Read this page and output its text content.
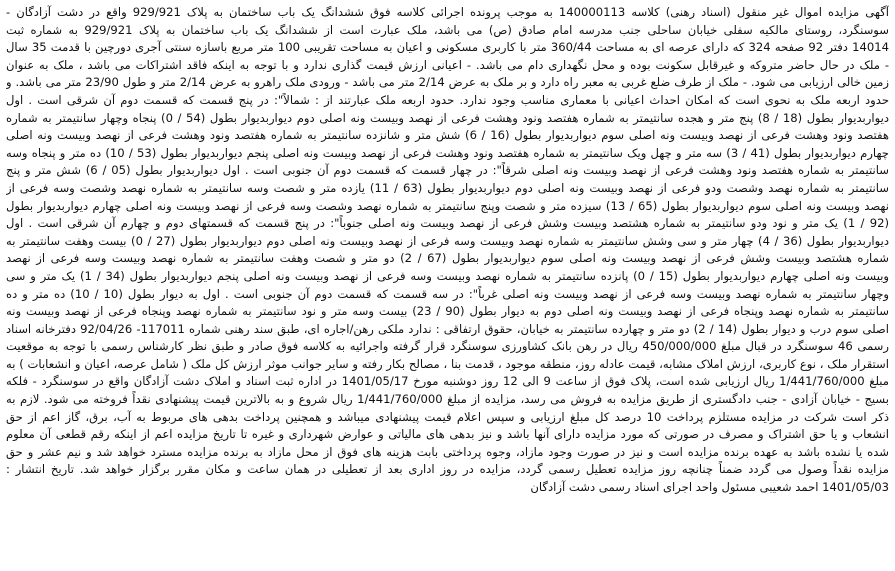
آگهی مزایده اموال غیر منقول (اسناد رهنی) کلاسه 140000113 به موجب پرونده اجرائی کلاسه فوق ششدانگ یک باب ساختمان به پلاک 929/921 واقع در دشت آزادگان -
سوسنگرد، روستای مالکیه سفلی خیابان ساحلی جنب مدرسه امام صادق (ص) می باشد، ملک عبارت است از ششدانگ یک باب ساختمان به پلاک 929/921 به شماره ثبت
14014 دفتر 92 صفحه 324 که دارای عرصه ای به مساحت 360/44 متر با کاربری مسکونی و اعیان به مساحت تقریبی 100 متر مربع باسازه سنتی آجری دورچین با قدمت 35 سال
- ملک در حال حاضر متروکه و غیرقابل سکونت بوده و محل نگهداری دام می باشد. - اعیانی ارزش قیمت گذاری ندارد و با توجه به اینکه فاقد اشتراکات می باشد ، ملک به عنوان
زمین خالی ارزیابی می شود. - ملک از طرف ضلع غربی به معبر راه دارد و بر ملک به عرض 2/14 متر می باشد - ورودی ملک راهرو به عرض 2/14 متر و طول 23/90 متر می باشد. و
حدود اربعه ملک به نحوی است که امکان احداث اعیانی با معماری مناسب وجود ندارد. حدود اربعه ملک عبارتند از : شمالاً": در پنج قسمت که قسمت دوم آن شرقی است . اول
دیواربدیوار بطول (18 / 8) پنج متر و هجده سانتیمتر به شماره هفتصد ونود وهشت فرعی از نهصد وبیست ونه اصلی دوم دیواربدیوار بطول (54 / 0) پنجاه وچهار سانتیمتر به شماره
هفتصد ونود وهشت فرعی از نهصد وبیست ونه اصلی سوم دیواربدیوار بطول (16 / 6) شش متر و شانزده سانتیمتر به شماره هفتصد ونود وهشت فرعی از نهصد وبیست ونه اصلی
چهارم دیواربدیوار بطول (41 / 3) سه متر و چهل ویک سانتیمتر به شماره هفتصد ونود وهشت فرعی از نهصد وبیست ونه اصلی پنجم دیواربدیوار بطول (53 / 10) ده متر و پنجاه وسه
سانتیمتر به شماره هفتصد ونود وهشت فرعی از نهصد وبیست ونه اصلی شرقاً": در چهار قسمت که قسمت دوم آن جنوبی است . اول دیواربدیوار بطول (05 / 6) شش متر و پنج
سانتیمتر به شماره نهصد وشصت ودو فرعی از نهصد وبیست ونه اصلی دوم دیواربدیوار بطول (63 / 11) یازده متر و شصت وسه سانتیمتر به شماره نهصد وشصت وسه فرعی از
نهصد وبیست ونه اصلی سوم دیواربدیوار بطول (65 / 13) سیزده متر و شصت وپنج سانتیمتر به شماره نهصد وشصت وسه فرعی از نهصد وبیست ونه اصلی چهارم دیواربدیوار بطول
(92 / 1) یک متر و نود ودو سانتیمتر به شماره هشتصد وبیست وشش فرعی از نهصد وبیست ونه اصلی جنوباً": در پنج قسمت که قسمتهای دوم و چهارم آن شرقی است . اول
دیواربدیوار بطول (36 / 4) چهار متر و سی وشش سانتیمتر به شماره نهصد وبیست وسه فرعی از نهصد وبیست ونه اصلی دوم دیواربدیوار بطول (27 / 0) بیست وهفت سانتیمتر به
شماره هشتصد وبیست وشش فرعی از نهصد وبیست ونه اصلی سوم دیواربدیوار بطول (67 / 2) دو متر و شصت وهفت سانتیمتر به شماره نهصد وبیست وسه فرعی از نهصد
وبیست ونه اصلی چهارم دیواربدیوار بطول (15 / 0) پانزده سانتیمتر به شماره نهصد وبیست وسه فرعی از نهصد وبیست ونه اصلی پنجم دیواربدیوار بطول (34 / 1) یک متر و سی
وچهار سانتیمتر به شماره نهصد وبیست وسه فرعی از نهصد وبیست ونه اصلی غرباً": در سه قسمت که قسمت دوم آن جنوبی است . اول به دیوار بطول (10 / 10) ده متر و ده
سانتیمتر به شماره نهصد وپنجاه فرعی از نهصد وبیست ونه اصلی دوم به دیوار بطول (90 / 23) بیست وسه متر و نود سانتیمتر به شماره نهصد وپنجاه فرعی از نهصد وبیست ونه
اصلی سوم درب و دیوار بطول (14 / 2) دو متر و چهارده سانتیمتر به خیابان، حقوق ارتفاقی : ندارد ملکی رهن/اجاره ای، طبق سند رهنی شماره 117011- 92/04/26 دفترخانه اسناد
رسمی 46 سوسنگرد در قبال مبلغ 450/000/000 ریال در رهن بانک کشاورزی سوسنگرد قرار گرفته واجرائیه به کلاسه فوق صادر و طبق نظر کارشناس رسمی با توجه به موقعیت
استقرار ملک ، نوع کاربری، ارزش املاک مشابه، قیمت عادله روز، منطقه موجود ، قدمت بنا ، مصالح بکار رفته و سایر جوانب موثر ارزش کل ملک ( شامل عرصه، اعیان و انشعابات ) به
مبلغ 1/441/760/000 ریال ارزیابی شده است، پلاک فوق از ساعت 9 الی 12 روز دوشنبه مورخ 1401/05/17 در اداره ثبت اسناد و املاک دشت آزادگان واقع در سوسنگرد - فلکه
بسیج - خیابان آزادی - جنب دادگستری از طریق مزایده به فروش می رسد، مزایده از مبلغ 1/441/760/000 ریال شروع و به بالاترین قیمت پیشنهادی نقداً فروخته می شود. لازم به
ذکر است شرکت در مزایده مستلزم پرداخت 10 درصد کل مبلغ ارزیابی و سپس اعلام قیمت پیشنهادی میباشد و همچنین پرداخت بدهی های مربوط به آب، برق، گاز اعم از حق
انشعاب و یا حق اشتراک و مصرف در صورتی که مورد مزایده دارای آنها باشد و نیز بدهی های مالیاتی و عوارض شهرداری و غیره تا تاریخ مزایده اعم از اینکه رقم قطعی آن معلوم
شده یا نشده باشد به عهده برنده مزایده است و نیز در صورت وجود مازاد، وجوه پرداختی بابت هزینه های فوق از محل مازاد به برنده مزایده مسترد خواهد شد و نیم عشر و حق
مزایده نقداً وصول می گردد ضمناً چنانچه روز مزایده تعطیل رسمی گردد، مزایده در روز اداری بعد از تعطیلی در همان ساعت و مکان مقرر برگزار خواهد شد. تاریخ انتشار :
1401/05/03 احمد شعیبی مسئول واحد اجرای اسناد رسمی دشت آزادگان
